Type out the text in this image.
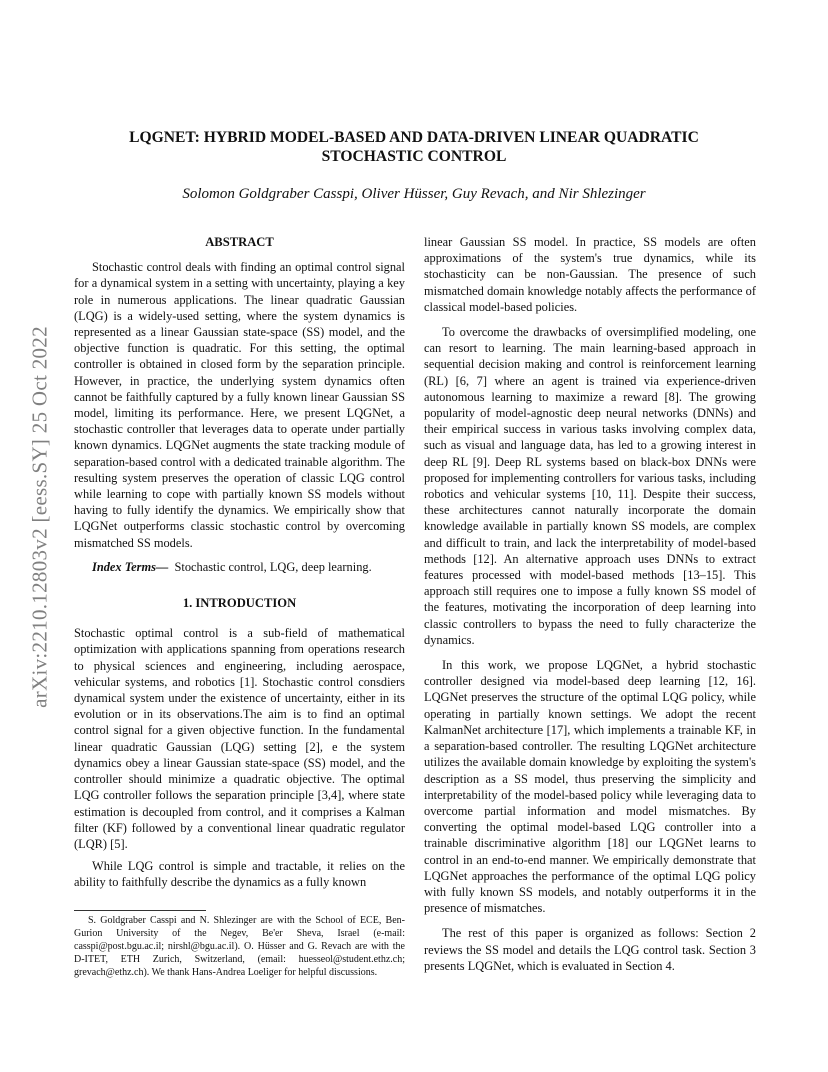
arXiv:2210.12803v2 [eess.SY] 25 Oct 2022
LQGNET: HYBRID MODEL-BASED AND DATA-DRIVEN LINEAR QUADRATIC STOCHASTIC CONTROL
Solomon Goldgraber Casspi, Oliver Hüsser, Guy Revach, and Nir Shlezinger
ABSTRACT

Stochastic control deals with finding an optimal control signal for a dynamical system in a setting with uncertainty, playing a key role in numerous applications. The linear quadratic Gaussian (LQG) is a widely-used setting, where the system dynamics is represented as a linear Gaussian state-space (SS) model, and the objective function is quadratic. For this setting, the optimal controller is obtained in closed form by the separation principle. However, in practice, the underlying system dynamics often cannot be faithfully captured by a fully known linear Gaussian SS model, limiting its performance. Here, we present LQGNet, a stochastic controller that leverages data to operate under partially known dynamics. LQGNet augments the state tracking module of separation-based control with a dedicated trainable algorithm. The resulting system preserves the operation of classic LQG control while learning to cope with partially known SS models without having to fully identify the dynamics. We empirically show that LQGNet outperforms classic stochastic control by overcoming mismatched SS models.

Index Terms— Stochastic control, LQG, deep learning.

1. INTRODUCTION

Stochastic optimal control is a sub-field of mathematical optimization with applications spanning from operations research to physical sciences and engineering, including aerospace, vehicular systems, and robotics [1]. Stochastic control consdiers dynamical system under the existence of uncertainty, either in its evolution or in its observations.The aim is to find an optimal control signal for a given objective function. In the fundamental linear quadratic Gaussian (LQG) setting [2], e the system dynamics obey a linear Gaussian state-space (SS) model, and the controller should minimize a quadratic objective. The optimal LQG controller follows the separation principle [3,4], where state estimation is decoupled from control, and it comprises a Kalman filter (KF) followed by a conventional linear quadratic regulator (LQR) [5].

While LQG control is simple and tractable, it relies on the ability to faithfully describe the dynamics as a fully known

S. Goldgraber Casspi and N. Shlezinger are with the School of ECE, Ben-Gurion University of the Negev, Be'er Sheva, Israel (e-mail: casspi@post.bgu.ac.il; nirshl@bgu.ac.il). O. Hüsser and G. Revach are with the D-ITET, ETH Zurich, Switzerland, (email: huesseol@student.ethz.ch; grevach@ethz.ch). We thank Hans-Andrea Loeliger for helpful discussions.

linear Gaussian SS model. In practice, SS models are often approximations of the system's true dynamics, while its stochasticity can be non-Gaussian. The presence of such mismatched domain knowledge notably affects the performance of classical model-based policies.

To overcome the drawbacks of oversimplified modeling, one can resort to learning. The main learning-based approach in sequential decision making and control is reinforcement learning (RL) [6, 7] where an agent is trained via experience-driven autonomous learning to maximize a reward [8]. The growing popularity of model-agnostic deep neural networks (DNNs) and their empirical success in various tasks involving complex data, such as visual and language data, has led to a growing interest in deep RL [9]. Deep RL systems based on black-box DNNs were proposed for implementing controllers for various tasks, including robotics and vehicular systems [10, 11]. Despite their success, these architectures cannot naturally incorporate the domain knowledge available in partially known SS models, are complex and difficult to train, and lack the interpretability of model-based methods [12]. An alternative approach uses DNNs to extract features processed with model-based methods [13–15]. This approach still requires one to impose a fully known SS model of the features, motivating the incorporation of deep learning into classic controllers to bypass the need to fully characterize the dynamics.

In this work, we propose LQGNet, a hybrid stochastic controller designed via model-based deep learning [12, 16]. LQGNet preserves the structure of the optimal LQG policy, while operating in partially known settings. We adopt the recent KalmanNet architecture [17], which implements a trainable KF, in a separation-based controller. The resulting LQGNet architecture utilizes the available domain knowledge by exploiting the system's description as a SS model, thus preserving the simplicity and interpretability of the model-based policy while leveraging data to overcome partial information and model mismatches. By converting the optimal model-based LQG controller into a trainable discriminative algorithm [18] our LQGNet learns to control in an end-to-end manner. We empirically demonstrate that LQGNet approaches the performance of the optimal LQG policy with fully known SS models, and notably outperforms it in the presence of mismatches.

The rest of this paper is organized as follows: Section 2 reviews the SS model and details the LQG control task. Section 3 presents LQGNet, which is evaluated in Section 4.
